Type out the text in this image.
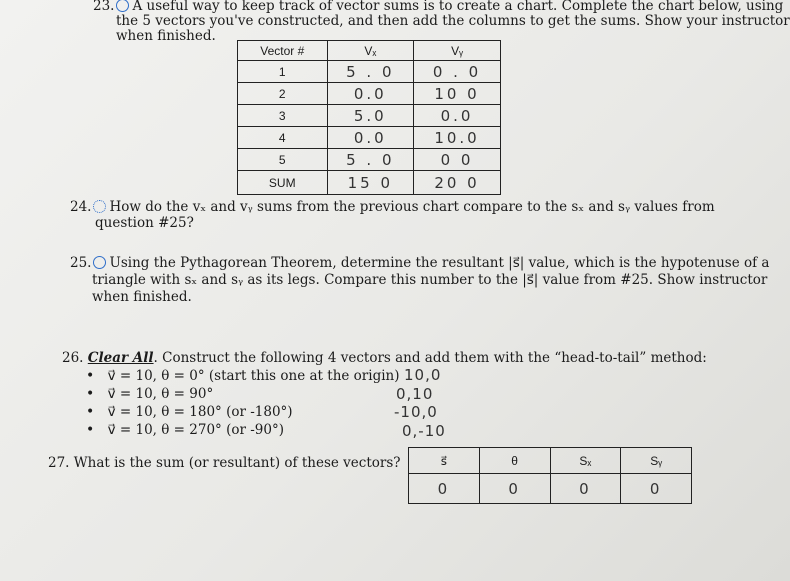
23. A useful way to keep track of vector sums is to create a chart. Complete the chart below, using
the 5 vectors you've constructed, and then add the columns to get the sums. Show your instructor
when finished.
Vector #	Vₓ	Vᵧ
1	5 . 0	0 . 0
2	0.0	10 0
3	5.0	0.0
4	0.0	10.0
5	5 . 0	0 0
SUM	15 0	20 0
24. How do the vₓ and vᵧ sums from the previous chart compare to the sₓ and sᵧ values from
question #25?
25. Using the Pythagorean Theorem, determine the resultant |s⃗| value, which is the hypotenuse of a
triangle with sₓ and sᵧ as its legs. Compare this number to the |s⃗| value from #25. Show instructor
when finished.
26. Clear All. Construct the following 4 vectors and add them with the “head-to-tail” method:
•   v⃗ = 10, θ = 0° (start this one at the origin) 10,0
•   v⃗ = 10, θ = 90°	0,10
•   v⃗ = 10, θ = 180° (or -180°)	-10,0
•   v⃗ = 10, θ = 270° (or -90°)	0,-10
27. What is the sum (or resultant) of these vectors?	s⃗	θ	Sₓ	Sᵧ
0	0	0	0
